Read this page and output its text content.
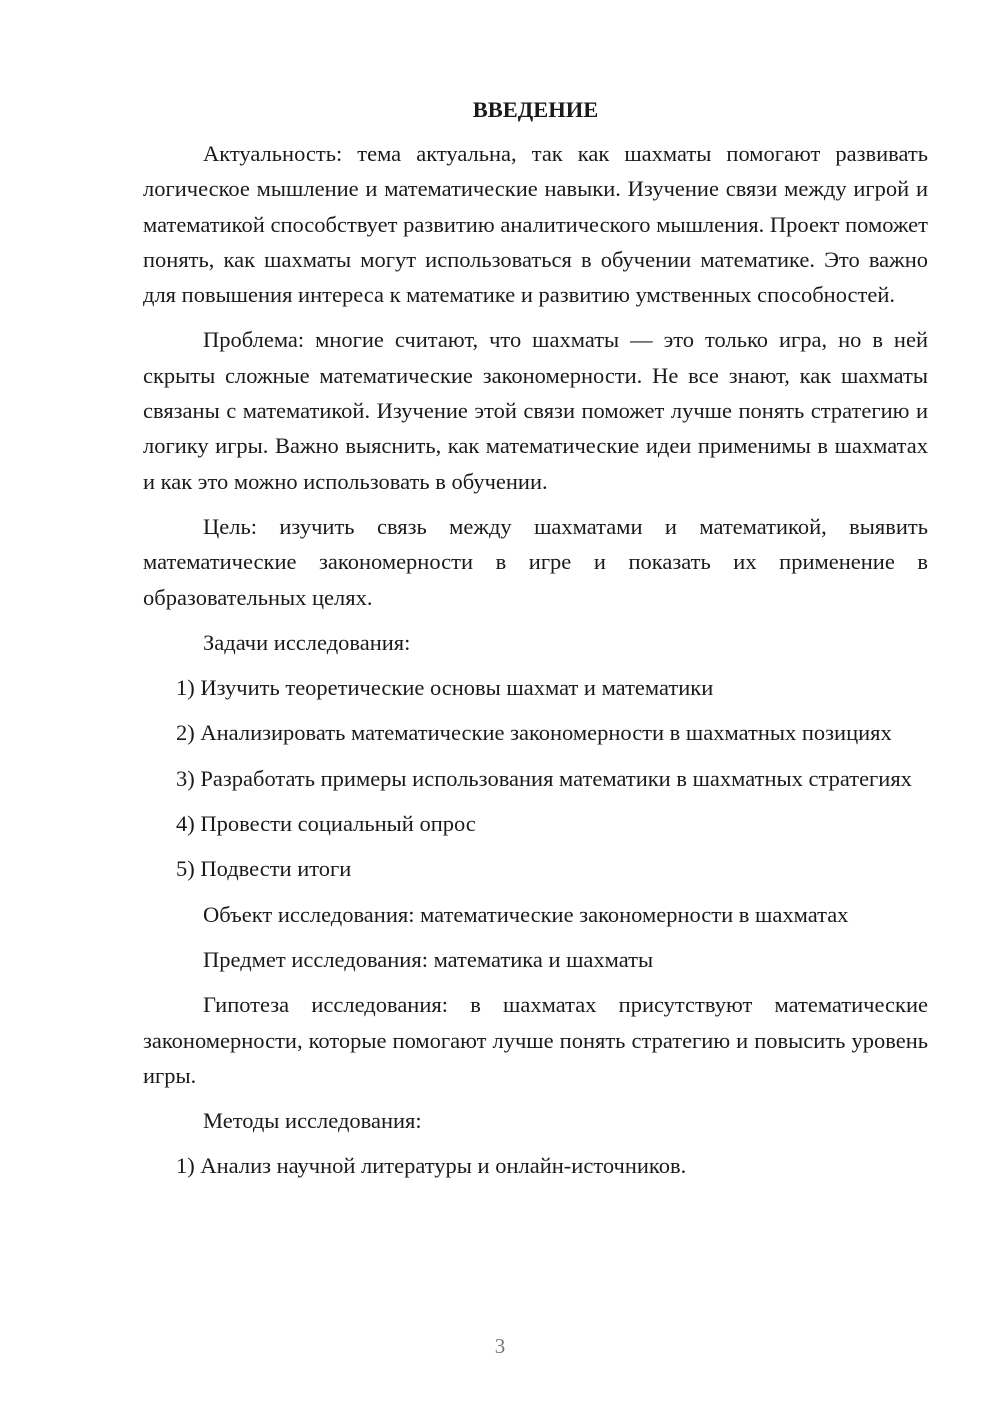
ВВЕДЕНИЕ

Актуальность: тема актуальна, так как шахматы помогают развивать логическое мышление и математические навыки. Изучение связи между игрой и математикой способствует развитию аналитического мышления. Проект поможет понять, как шахматы могут использоваться в обучении математике. Это важно для повышения интереса к математике и развитию умственных способностей.

Проблема: многие считают, что шахматы — это только игра, но в ней скрыты сложные математические закономерности. Не все знают, как шахматы связаны с математикой. Изучение этой связи поможет лучше понять стратегию и логику игры. Важно выяснить, как математические идеи применимы в шахматах и как это можно использовать в обучении.

Цель: изучить связь между шахматами и математикой, выявить математические закономерности в игре и показать их применение в образовательных целях.

Задачи исследования:

1) Изучить теоретические основы шахмат и математики

2) Анализировать математические закономерности в шахматных позициях

3) Разработать примеры использования математики в шахматных стратегиях

4) Провести социальный опрос

5) Подвести итоги

Объект исследования: математические закономерности в шахматах

Предмет исследования: математика и шахматы

Гипотеза исследования: в шахматах присутствуют математические закономерности, которые помогают лучше понять стратегию и повысить уровень игры.

Методы исследования:

1) Анализ научной литературы и онлайн-источников.

3
